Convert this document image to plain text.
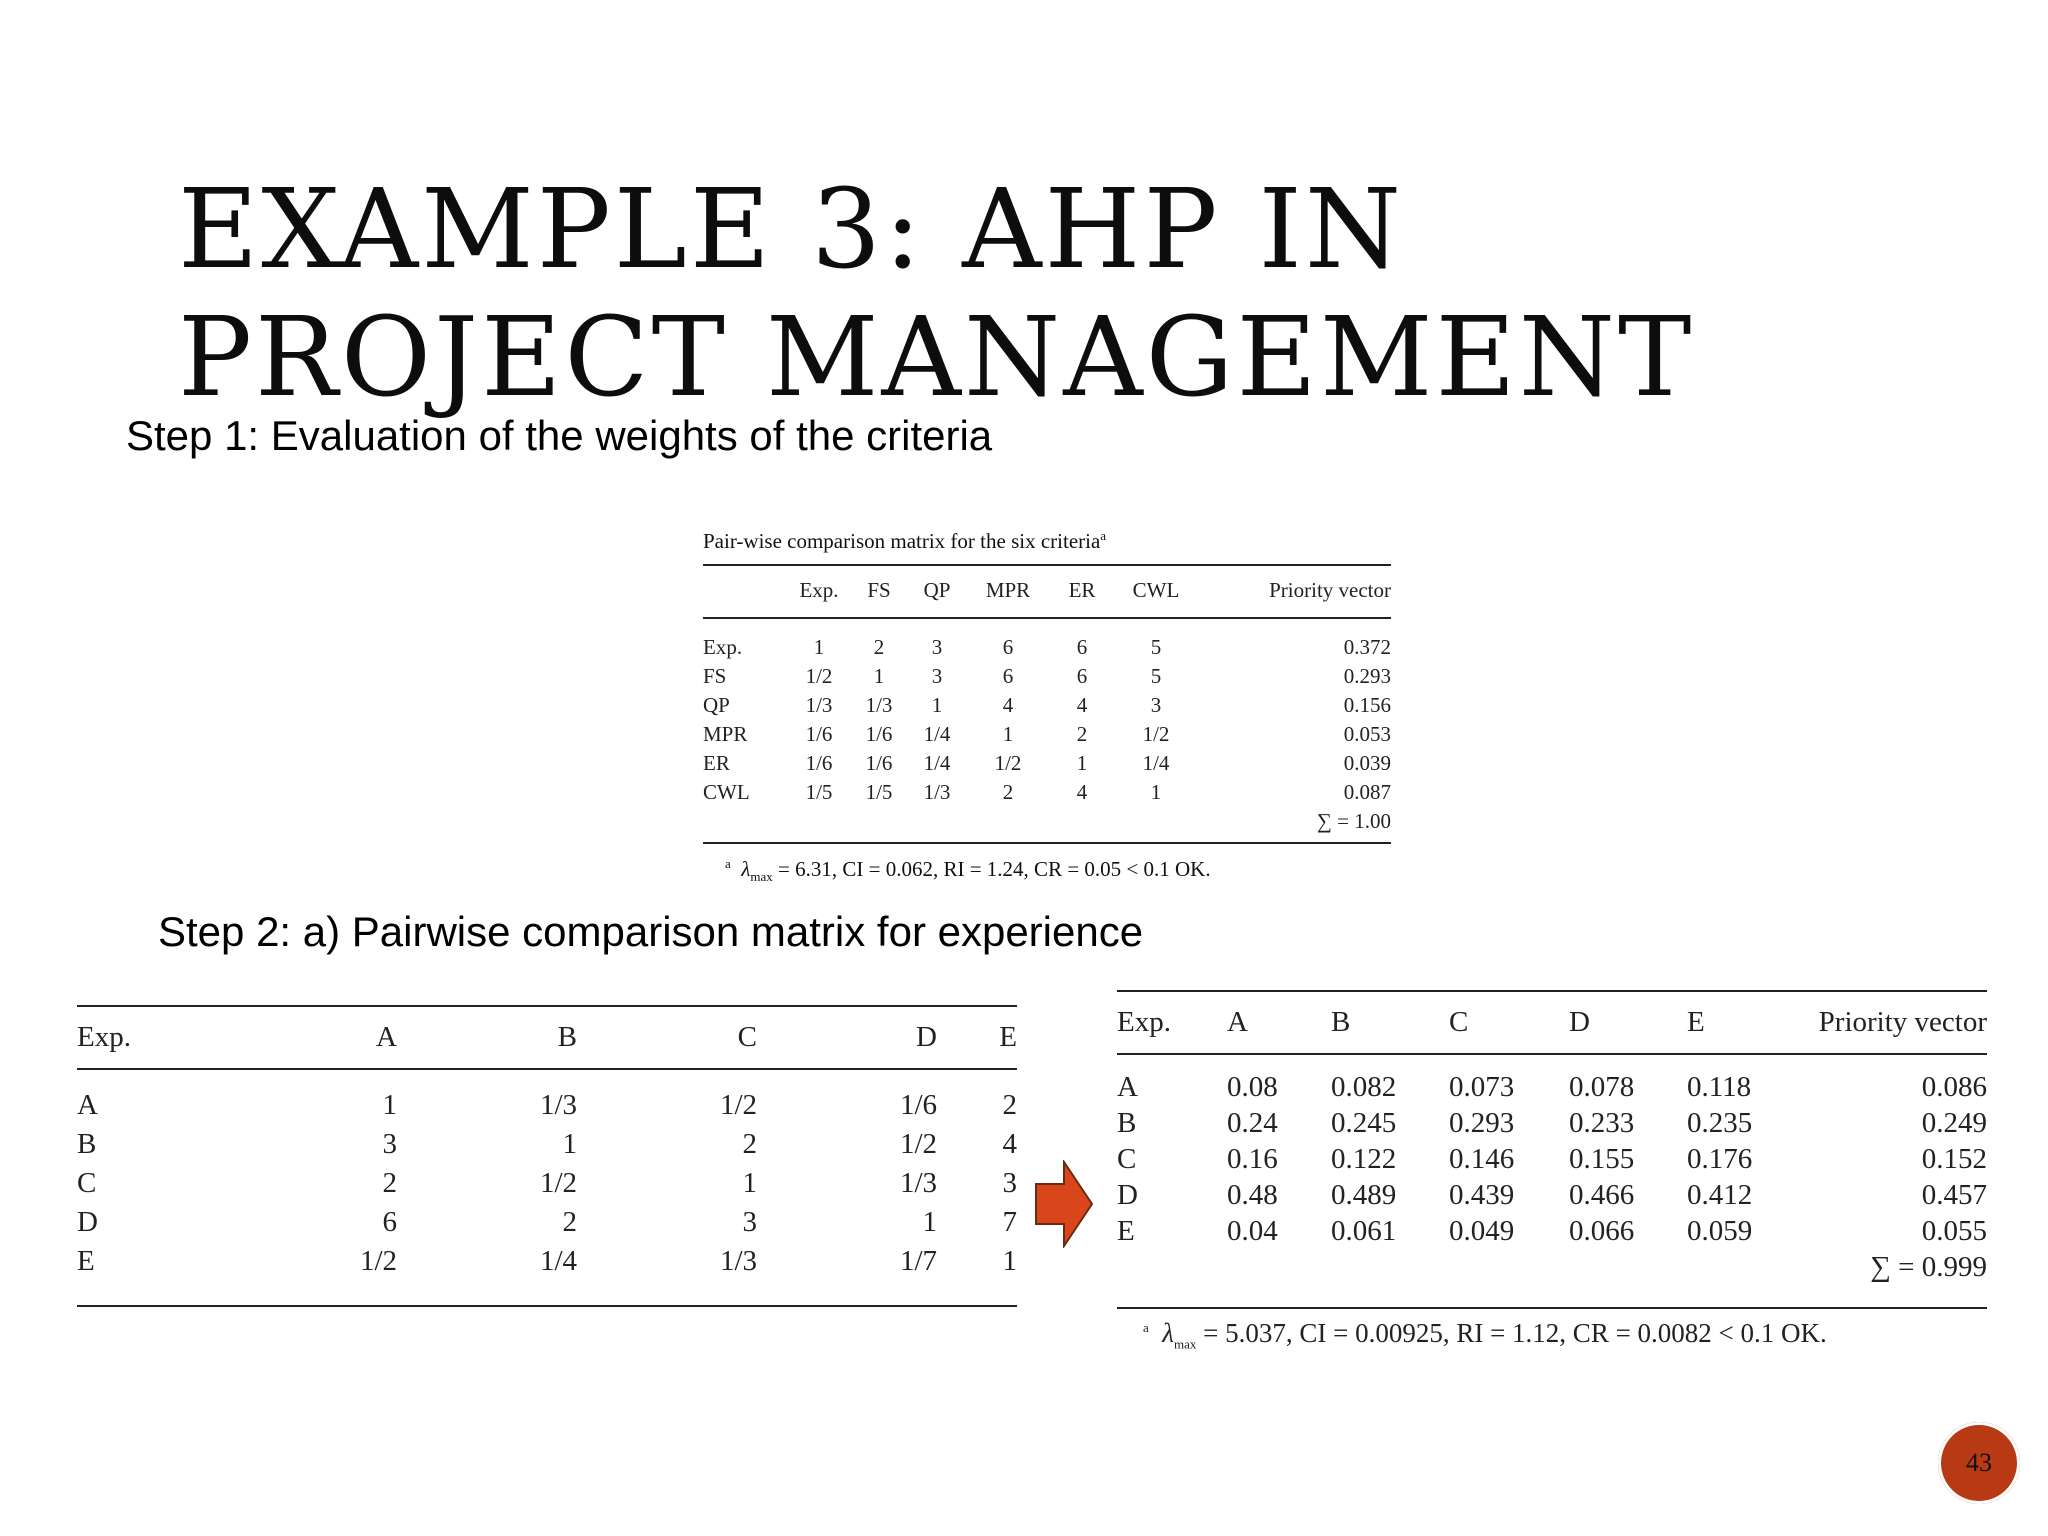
EXAMPLE 3: AHP IN
PROJECT MANAGEMENT
Step 1: Evaluation of the weights of the criteria
Pair-wise comparison matrix for the six criteria$^a$
	Exp.	FS	QP	MPR	ER	CWL	Priority vector
Exp.	1	2	3	6	6	5	0.372
FS	1/2	1	3	6	6	5	0.293
QP	1/3	1/3	1	4	4	3	0.156
MPR	1/6	1/6	1/4	1	2	1/2	0.053
ER	1/6	1/6	1/4	1/2	1	1/4	0.039
CWL	1/5	1/5	1/3	2	4	1	0.087
∑ = 1.00							
$^a$ $\lambda_{max} = 6.31$, CI = 0.062, RI = 1.24, CR = 0.05 < 0.1 OK.
Step 2: a) Pairwise comparison matrix for experience
Exp.	A	B	C	D	E
A	1	1/3	1/2	1/6	2
B	3	1	2	1/2	4
C	2	1/2	1	1/3	3
D	6	2	3	1	7
E	1/2	1/4	1/3	1/7	1
Exp.	A	B	C	D	E	Priority vector
A	0.08	0.082	0.073	0.078	0.118	0.086
B	0.24	0.245	0.293	0.233	0.235	0.249
C	0.16	0.122	0.146	0.155	0.176	0.152
D	0.48	0.489	0.439	0.466	0.412	0.457
E	0.04	0.061	0.049	0.066	0.059	0.055
∑ = 0.999						
$^a$ $\lambda_{max} = 5.037$, CI = 0.00925, RI = 1.12, CR = 0.0082 < 0.1 OK.
43
